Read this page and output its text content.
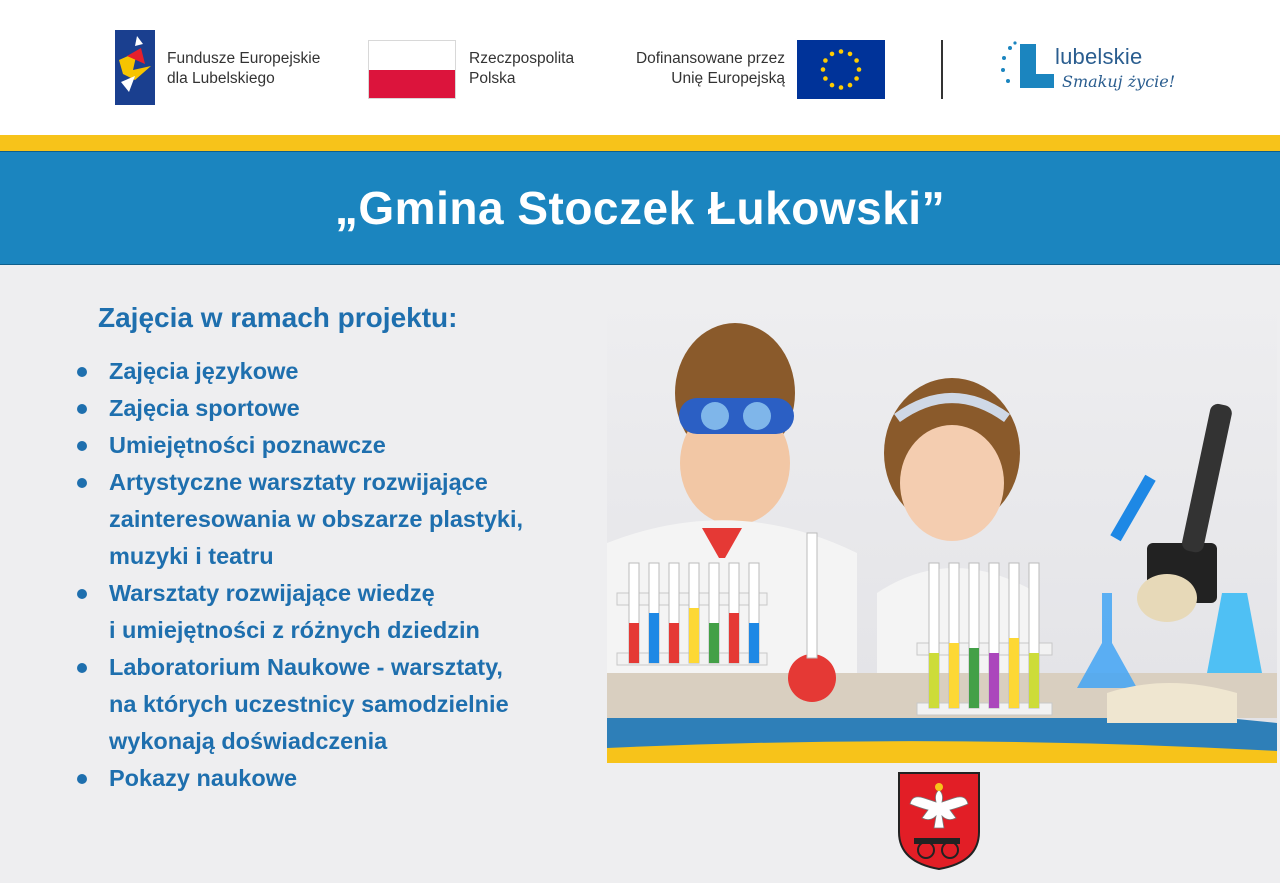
Fundusze Europejskie
dla Lubelskiego
Rzeczpospolita
Polska
Dofinansowane przez
Unię Europejską
lubelskie
Smakuj życie!
„Gmina Stoczek Łukowski”
Zajęcia w ramach projektu:
Zajęcia językowe
Zajęcia sportowe
Umiejętności poznawcze
Artystyczne warsztaty rozwijające
zainteresowania w obszarze plastyki,
muzyki i teatru
Warsztaty rozwijające wiedzę
i umiejętności z różnych dziedzin
Laboratorium Naukowe - warsztaty,
na których uczestnicy samodzielnie
wykonają doświadczenia
Pokazy naukowe
